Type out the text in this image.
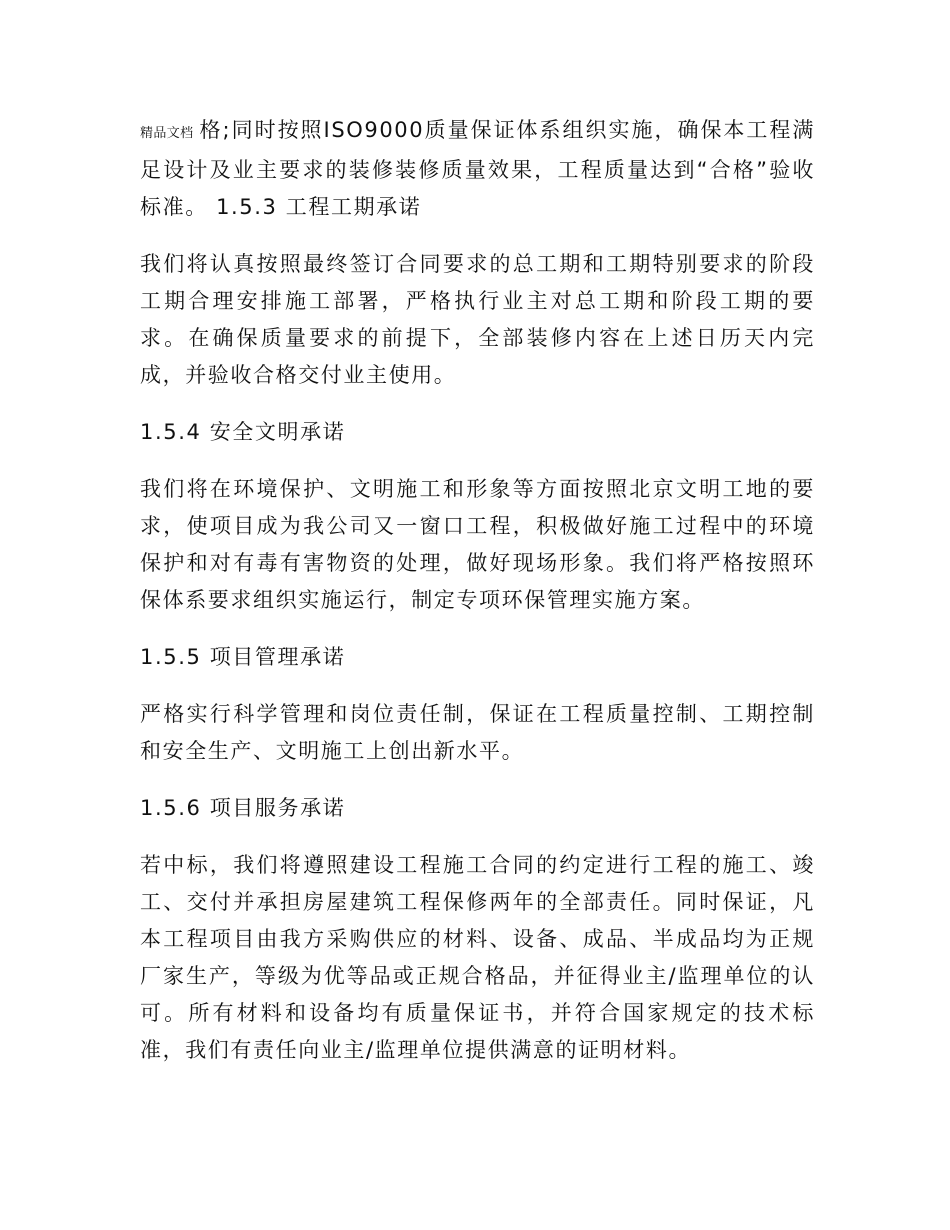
精品文档 格;同时按照ISO9000质量保证体系组织实施，确保本工程满足设计及业主要求的装修装修质量效果，工程质量达到“合格”验收标准。 1.5.3 工程工期承诺

我们将认真按照最终签订合同要求的总工期和工期特别要求的阶段工期合理安排施工部署，严格执行业主对总工期和阶段工期的要求。在确保质量要求的前提下，全部装修内容在上述日历天内完成，并验收合格交付业主使用。

1.5.4 安全文明承诺

我们将在环境保护、文明施工和形象等方面按照北京文明工地的要求，使项目成为我公司又一窗口工程，积极做好施工过程中的环境保护和对有毒有害物资的处理，做好现场形象。我们将严格按照环保体系要求组织实施运行，制定专项环保管理实施方案。

1.5.5 项目管理承诺

严格实行科学管理和岗位责任制，保证在工程质量控制、工期控制和安全生产、文明施工上创出新水平。

1.5.6 项目服务承诺

若中标，我们将遵照建设工程施工合同的约定进行工程的施工、竣工、交付并承担房屋建筑工程保修两年的全部责任。同时保证，凡本工程项目由我方采购供应的材料、设备、成品、半成品均为正规厂家生产，等级为优等品或正规合格品，并征得业主/监理单位的认可。所有材料和设备均有质量保证书，并符合国家规定的技术标准，我们有责任向业主/监理单位提供满意的证明材料。
